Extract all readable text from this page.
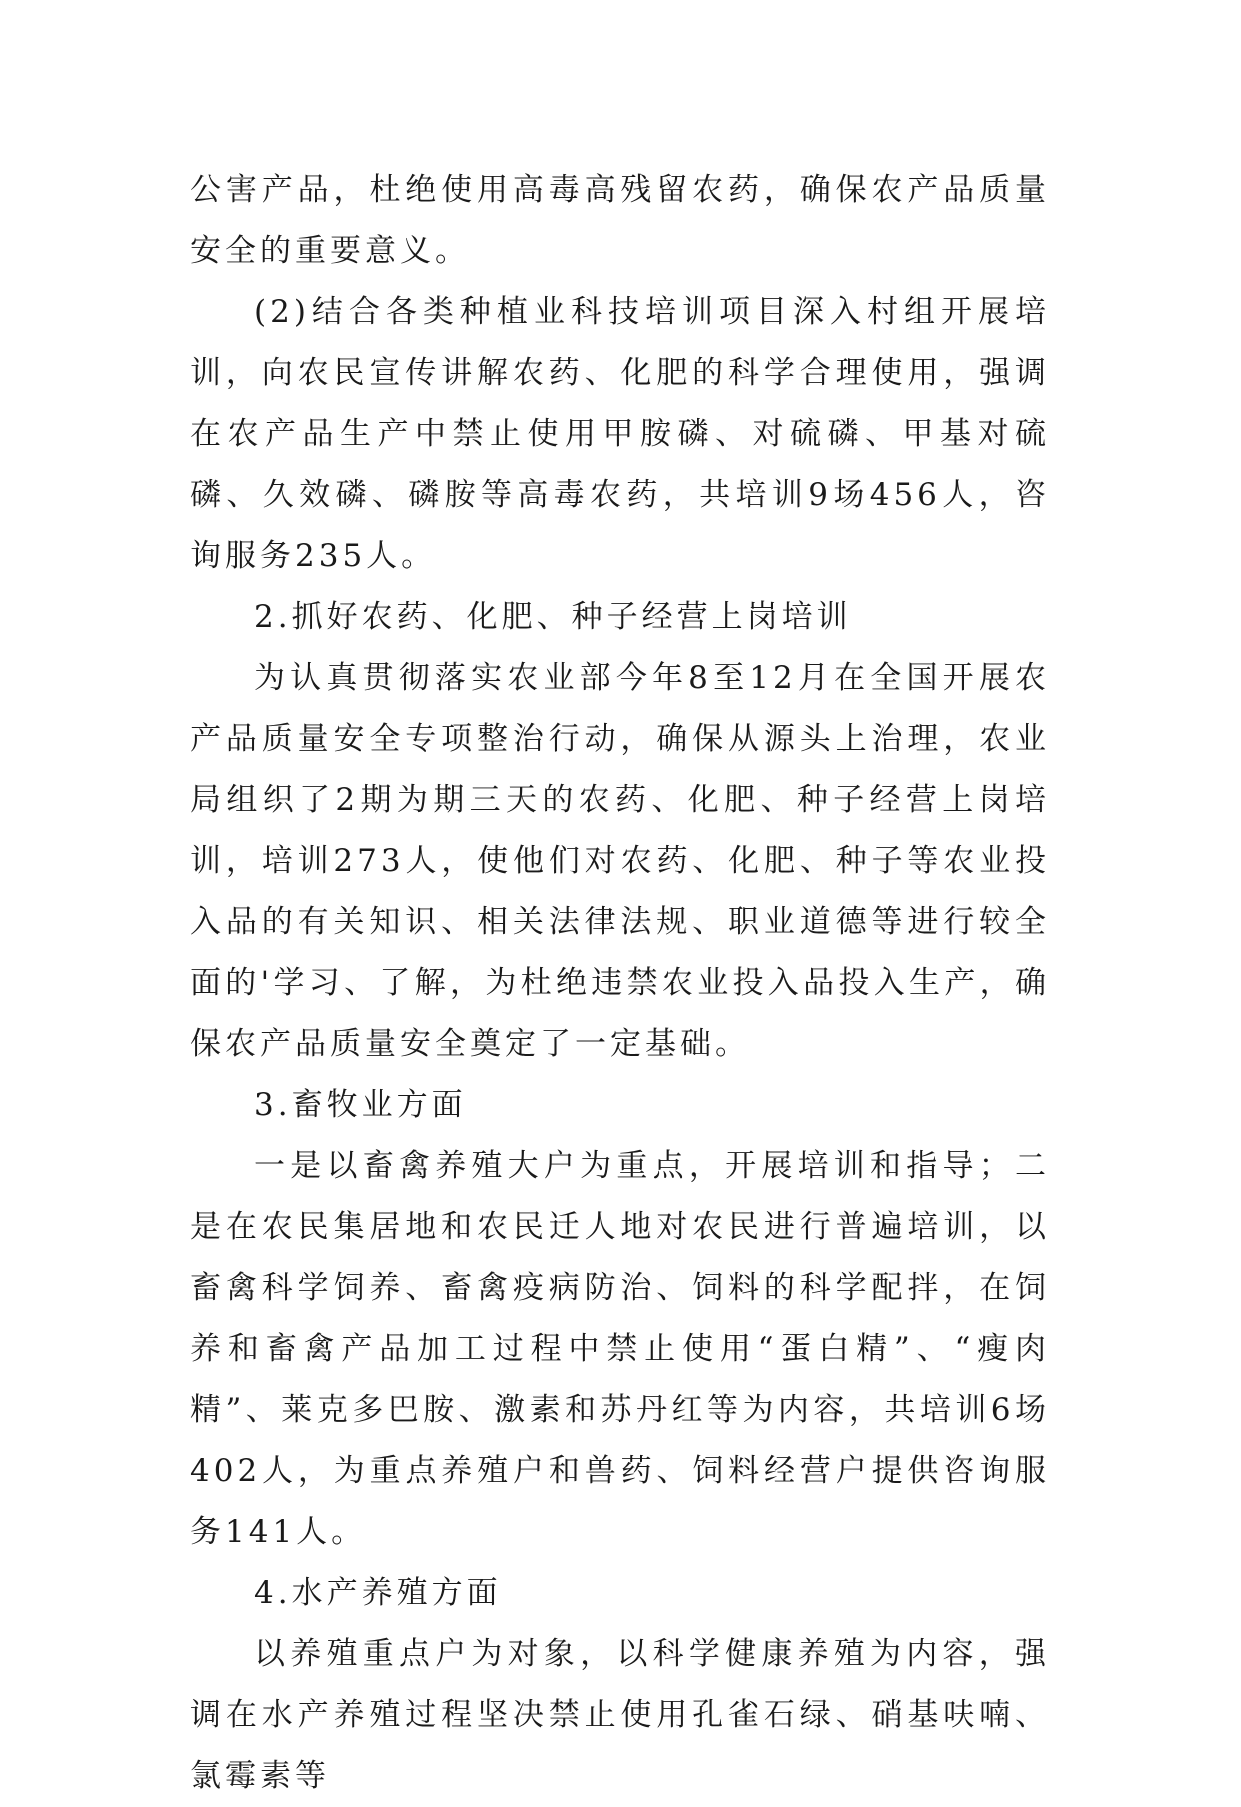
公害产品，杜绝使用高毒高残留农药，确保农产品质量安全的重要意义。

(2)结合各类种植业科技培训项目深入村组开展培训，向农民宣传讲解农药、化肥的科学合理使用，强调在农产品生产中禁止使用甲胺磷、对硫磷、甲基对硫磷、久效磷、磷胺等高毒农药，共培训9场456人，咨询服务235人。

2.抓好农药、化肥、种子经营上岗培训

为认真贯彻落实农业部今年8至12月在全国开展农产品质量安全专项整治行动，确保从源头上治理，农业局组织了2期为期三天的农药、化肥、种子经营上岗培训，培训273人，使他们对农药、化肥、种子等农业投入品的有关知识、相关法律法规、职业道德等进行较全面的'学习、了解，为杜绝违禁农业投入品投入生产，确保农产品质量安全奠定了一定基础。

3.畜牧业方面

一是以畜禽养殖大户为重点，开展培训和指导；二是在农民集居地和农民迁人地对农民进行普遍培训，以畜禽科学饲养、畜禽疫病防治、饲料的科学配拌，在饲养和畜禽产品加工过程中禁止使用“蛋白精”、“瘦肉精”、莱克多巴胺、激素和苏丹红等为内容，共培训6场402人，为重点养殖户和兽药、饲料经营户提供咨询服务141人。

4.水产养殖方面

以养殖重点户为对象，以科学健康养殖为内容，强调在水产养殖过程坚决禁止使用孔雀石绿、硝基呋喃、氯霉素等
